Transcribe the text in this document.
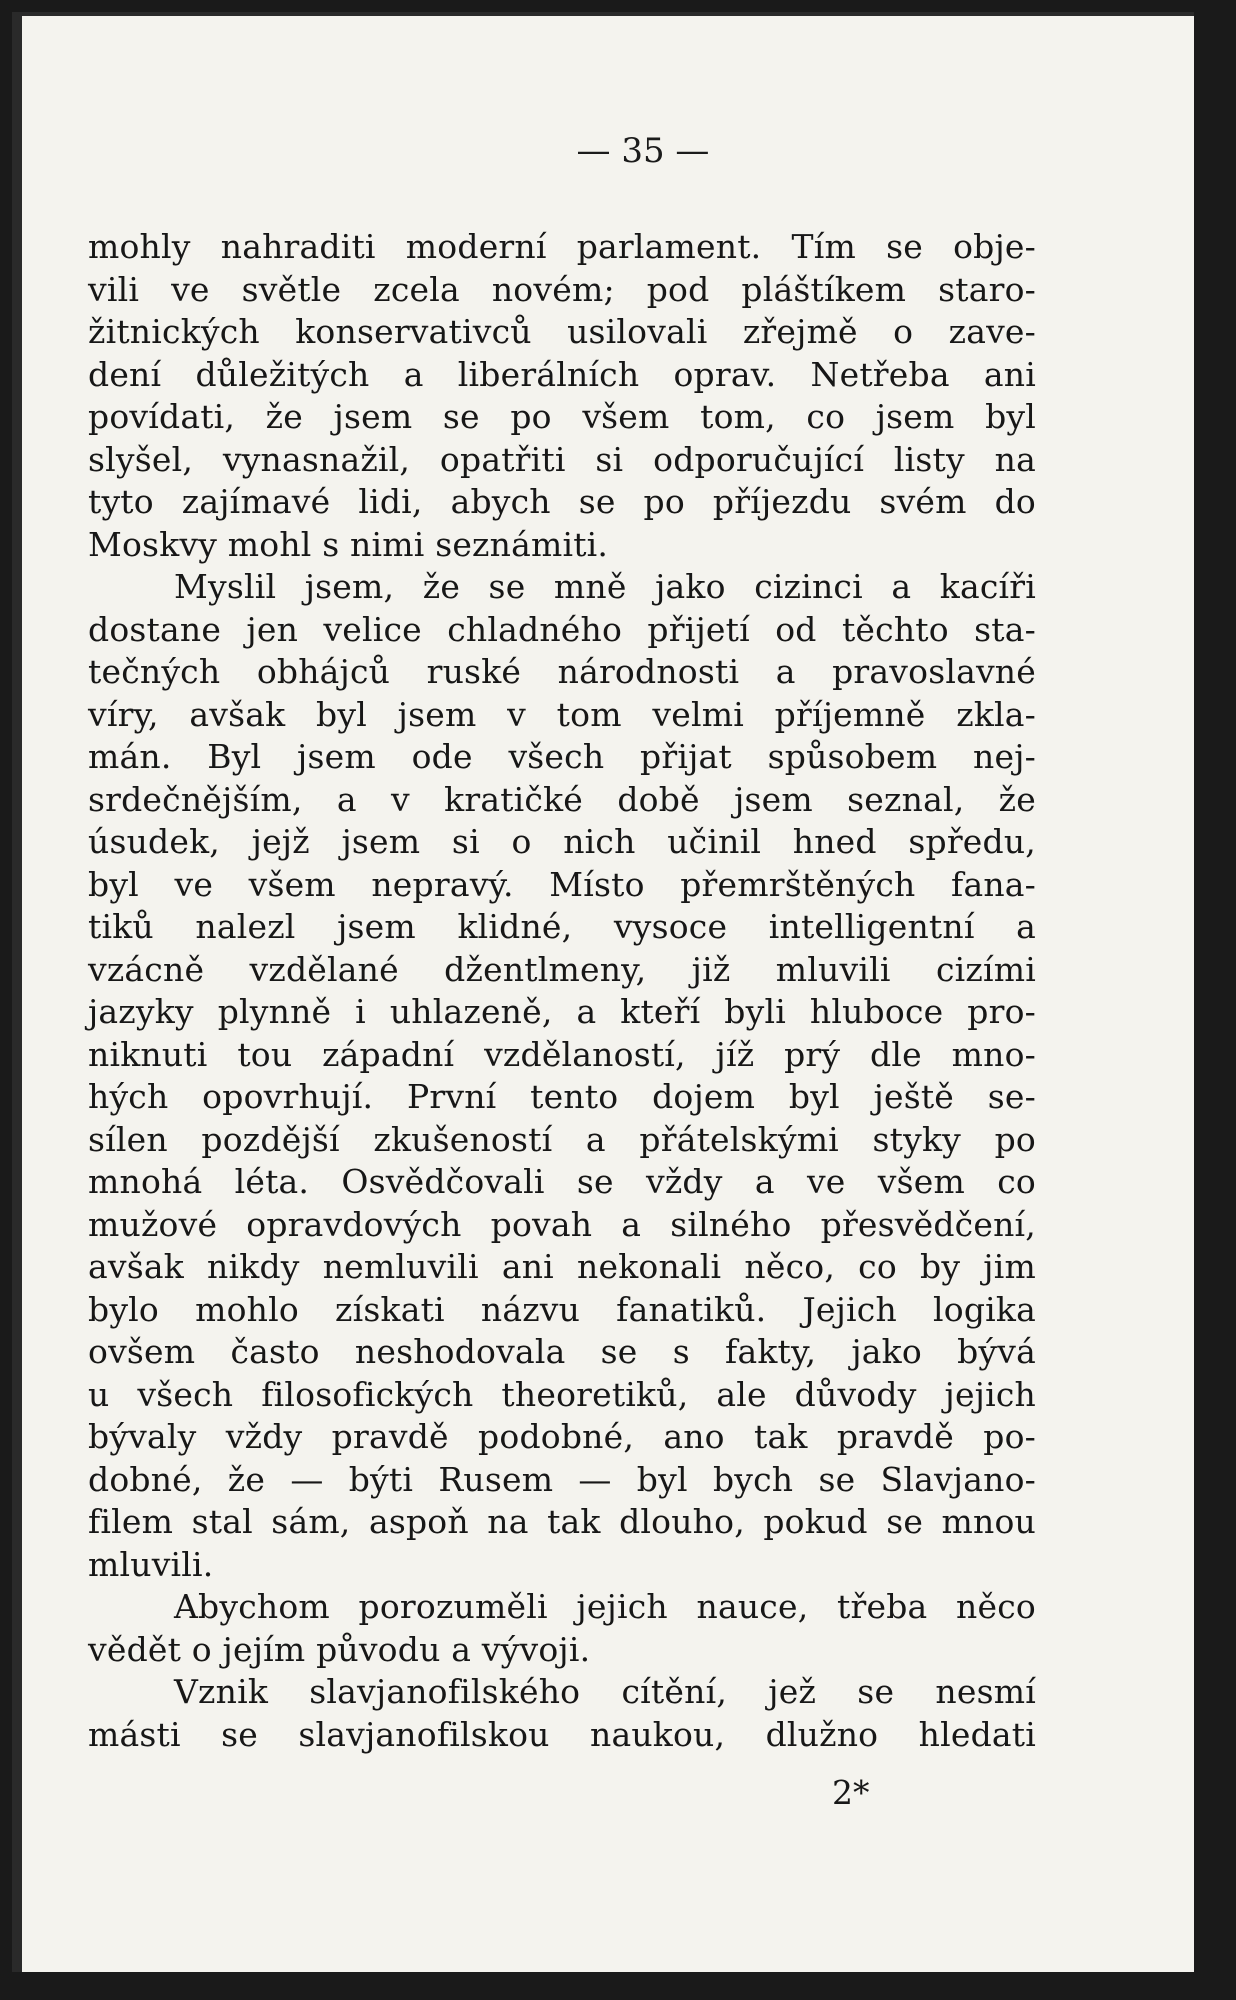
— 35 —
mohly nahraditi moderní parlament. Tím se obje-
vili ve světle zcela novém; pod pláštíkem staro-
žitnických konservativců usilovali zřejmě o zave-
dení důležitých a liberálních oprav. Netřeba ani
povídati, že jsem se po všem tom, co jsem byl
slyšel, vynasnažil, opatřiti si odporučující listy na
tyto zajímavé lidi, abych se po příjezdu svém do
Moskvy mohl s nimi seznámiti.
Myslil jsem, že se mně jako cizinci a kacíři
dostane jen velice chladného přijetí od těchto sta-
tečných obhájců ruské národnosti a pravoslavné
víry, avšak byl jsem v tom velmi příjemně zkla-
mán. Byl jsem ode všech přijat spůsobem nej-
srdečnějším, a v kratičké době jsem seznal, že
úsudek, jejž jsem si o nich učinil hned spředu,
byl ve všem nepravý. Místo přemrštěných fana-
tiků nalezl jsem klidné, vysoce intelligentní a
vzácně vzdělané džentlmeny, již mluvili cizími
jazyky plynně i uhlazeně, a kteří byli hluboce pro-
niknuti tou západní vzdělaností, jíž prý dle mno-
hých opovrhují. První tento dojem byl ještě se-
sílen pozdější zkušeností a přátelskými styky po
mnohá léta. Osvědčovali se vždy a ve všem co
mužové opravdových povah a silného přesvědčení,
avšak nikdy nemluvili ani nekonali něco, co by jim
bylo mohlo získati názvu fanatiků. Jejich logika
ovšem často neshodovala se s fakty, jako bývá
u všech filosofických theoretiků, ale důvody jejich
bývaly vždy pravdě podobné, ano tak pravdě po-
dobné, že — býti Rusem — byl bych se Slavjano-
filem stal sám, aspoň na tak dlouho, pokud se mnou
mluvili.
Abychom porozuměli jejich nauce, třeba něco
vědět o jejím původu a vývoji.
Vznik slavjanofilského cítění, jež se nesmí
másti se slavjanofilskou naukou, dlužno hledati
2*
